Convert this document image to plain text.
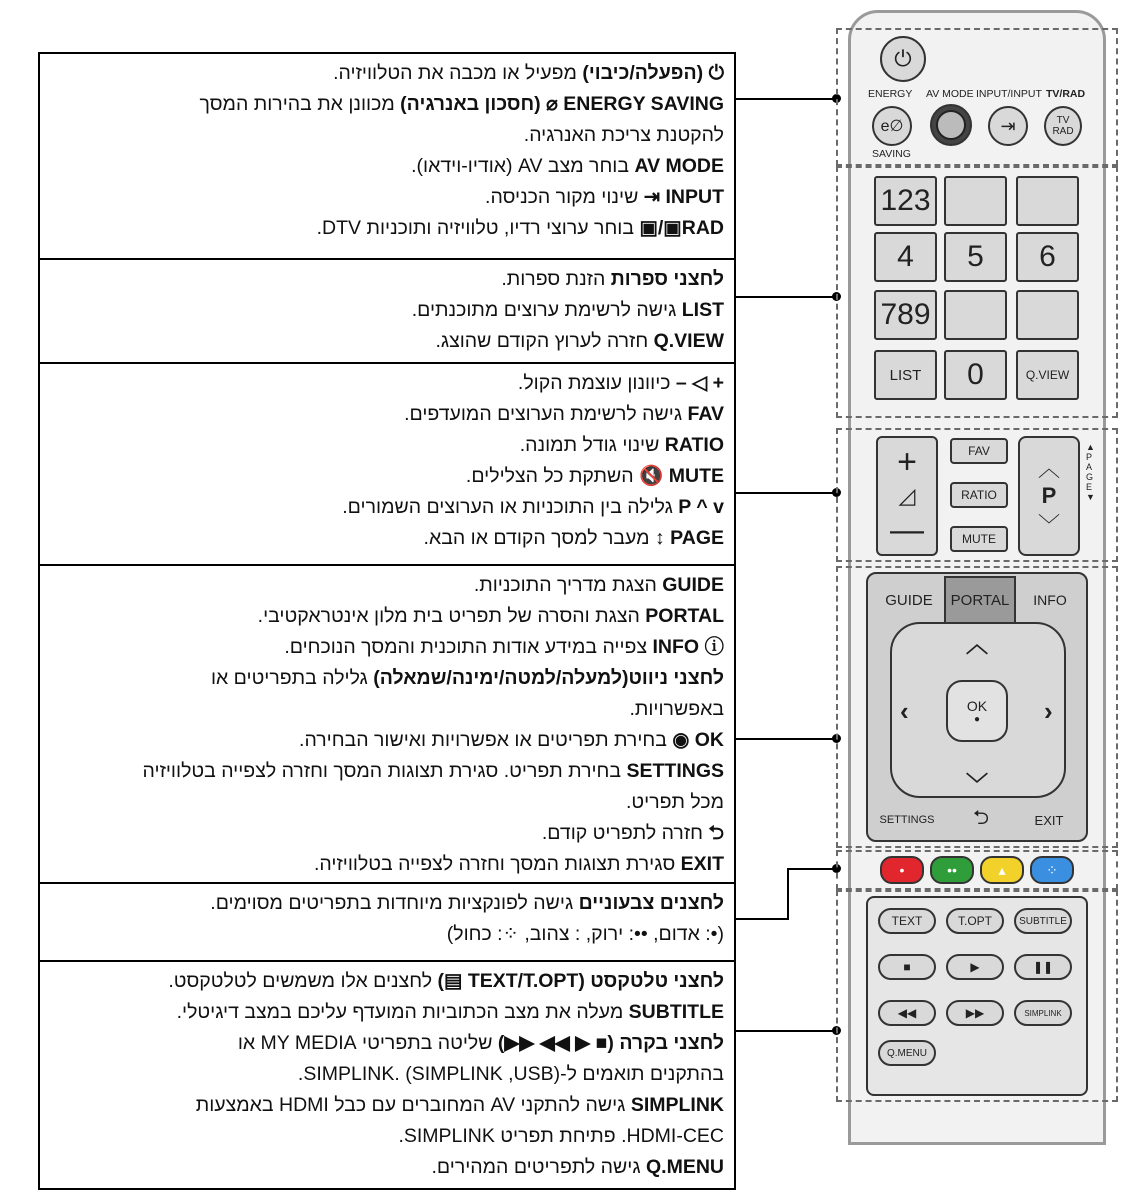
⏻ (הפעלה/כיבוי) מפעיל או מכבה את הטלוויזיה.
ENERGY SAVING ⌀ (חסכון באנרגיה) מכוונן את בהירות המסך
להקטנת צריכת האנרגיה.
AV MODE בוחר מצב AV (אודיו-וידאו).
INPUT ⇥ שינוי מקור הכניסה.
RAD▣/▣ בוחר ערוצי רדיו, טלוויזיה ותוכניות DTV.
לחצני ספרות הזנת ספרות.
LIST גישה לרשימת ערוצים מתוכנתים.
Q.VIEW חזרה לערוץ הקודם שהוצג.
+ ◁ – כיוונון עוצמת הקול.
FAV גישה לרשימת הערוצים המועדפים.
RATIO שינוי גודל תמונה.
MUTE 🔇 השתקת כל הצלילים.
P ^ v גלילה בין התוכניות או הערוצים השמורים.
PAGE ↕ מעבר למסך הקודם או הבא.
GUIDE הצגת מדריך התוכניות.
PORTAL הצגת והסרה של תפריט בית מלון אינטראקטיבי.
INFO ⓘ צפייה במידע אודות התוכנית והמסך הנוכחים.
לחצני ניווט(למעלה/למטה/ימינה/שמאלה) גלילה בתפריטים או
באפשרויות.
OK ◉ בחירת תפריטים או אפשרויות ואישור הבחירה.
SETTINGS בחירת תפריט. סגירת תצוגות המסך וחזרה לצפייה בטלוויזיה
מכל תפריט.
⮌ חזרה לתפריט קודם.
EXIT סגירת תצוגות המסך וחזרה לצפייה בטלוויזיה.
לחצנים צבעוניים גישה לפונקציות מיוחדות בתפריטים מסוימים.
(•: אדום, ••: ירוק, : צהוב, ⁘: כחול)
לחצני טלטקסט (TEXT/T.OPT ▤) לחצנים אלו משמשים לטלטקסט.
SUBTITLE מעלה את מצב הכתוביות המועדף עליכם במצב דיגיטלי.
לחצני בקרה (■ ▶ ◀◀ ▶▶) שליטה בתפריטי MY MEDIA או
בהתקנים תואמים ל-SIMPLINK. (SIMPLINK ,USB).
SIMPLINK גישה להתקני AV המחוברים עם כבל HDMI באמצעות
HDMI-CEC. פתיחת תפריט SIMPLINK.
Q.MENU גישה לתפריטים המהירים.
⏻
ENERGY AV MODE INPUT/INPUT TV/RAD
e∅
SAVING
⇥	TV RAD
123
4	5	6
789
LIST	0	Q.VIEW
+
◿
—
FAV
RATIO
MUTE
︿
P
﹀
▲
P
A
G
E
▼
GUIDE	PORTAL	INFO
︿
﹀
‹	›
OK
●
SETTINGS	⮌	EXIT
•	••	▴	⁘
TEXT	T.OPT	SUBTITLE
■	▶	❚❚
◀◀	▶▶	SIMPLINK
Q.MENU
